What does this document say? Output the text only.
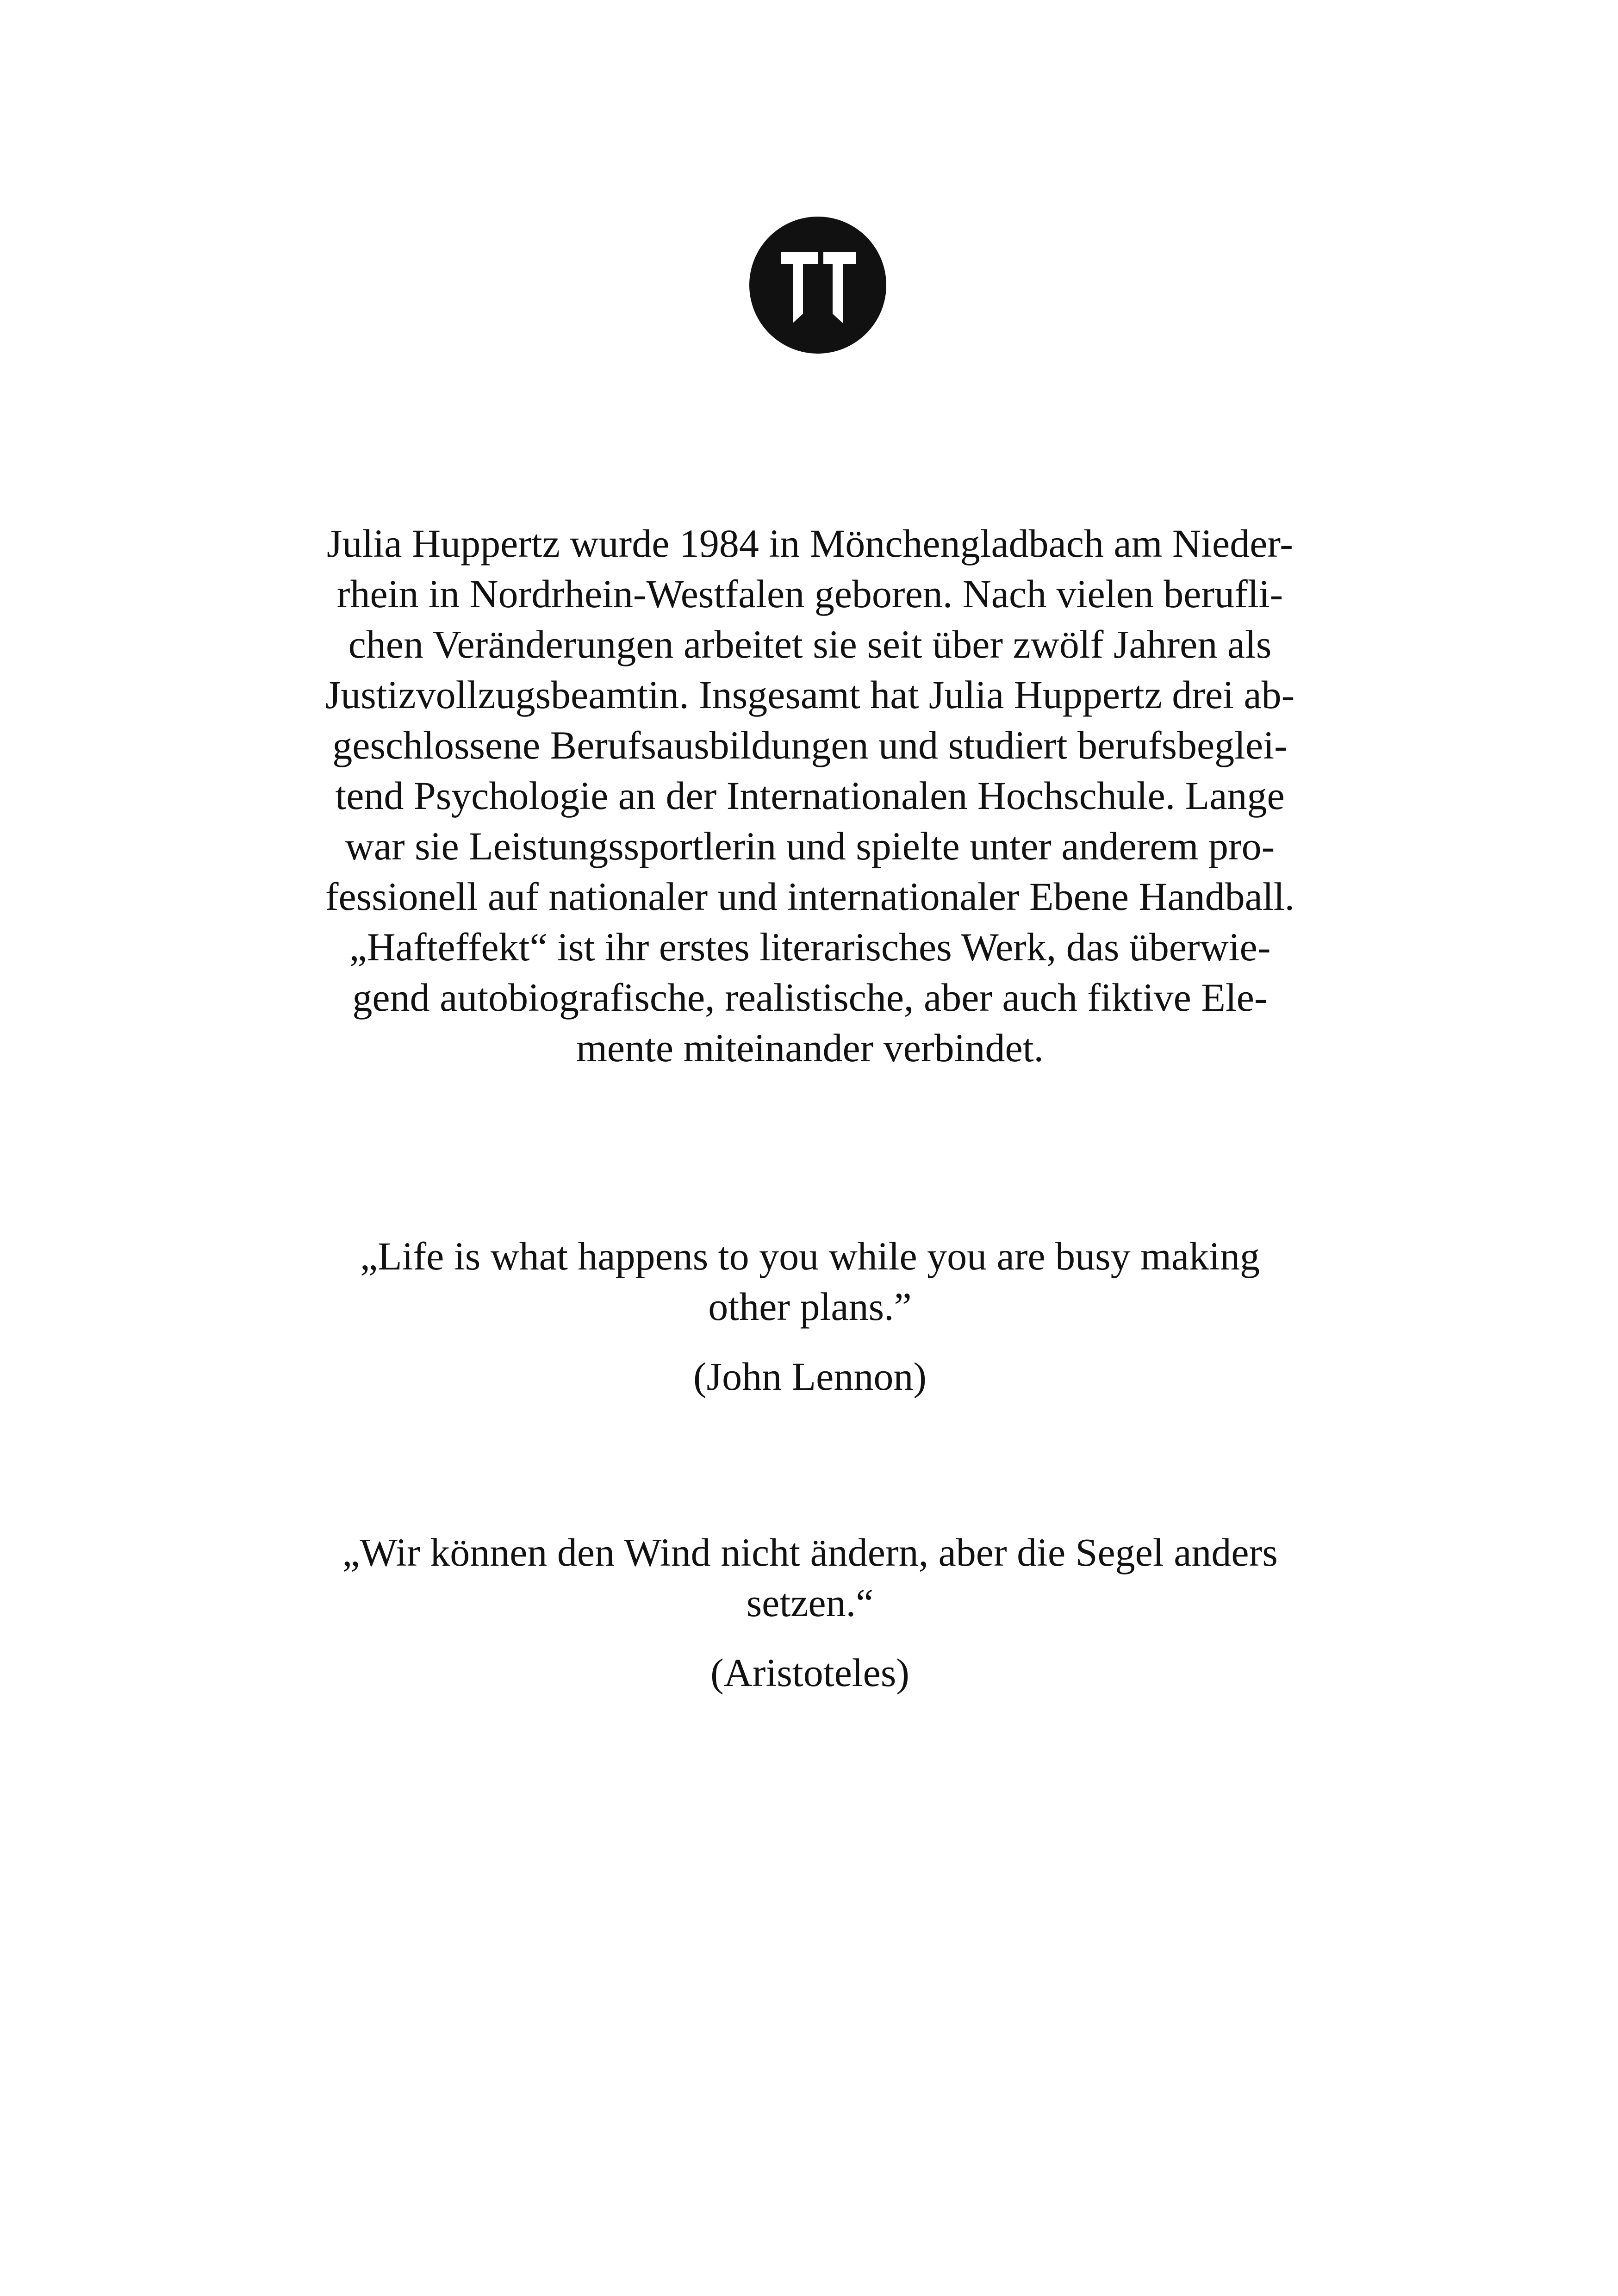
Julia Huppertz wurde 1984 in Mönchengladbach am Nieder-
rhein in Nordrhein-Westfalen geboren. Nach vielen berufli-
chen Veränderungen arbeitet sie seit über zwölf Jahren als
Justizvollzugsbeamtin. Insgesamt hat Julia Huppertz drei ab-
geschlossene Berufsausbildungen und studiert berufsbeglei-
tend Psychologie an der Internationalen Hochschule. Lange
war sie Leistungssportlerin und spielte unter anderem pro-
fessionell auf nationaler und internationaler Ebene Handball.
„Hafteffekt“ ist ihr erstes literarisches Werk, das überwie-
gend autobiografische, realistische, aber auch fiktive Ele-
mente miteinander verbindet.
„Life is what happens to you while you are busy making
other plans.”
(John Lennon)
„Wir können den Wind nicht ändern, aber die Segel anders
setzen.“
(Aristoteles)
